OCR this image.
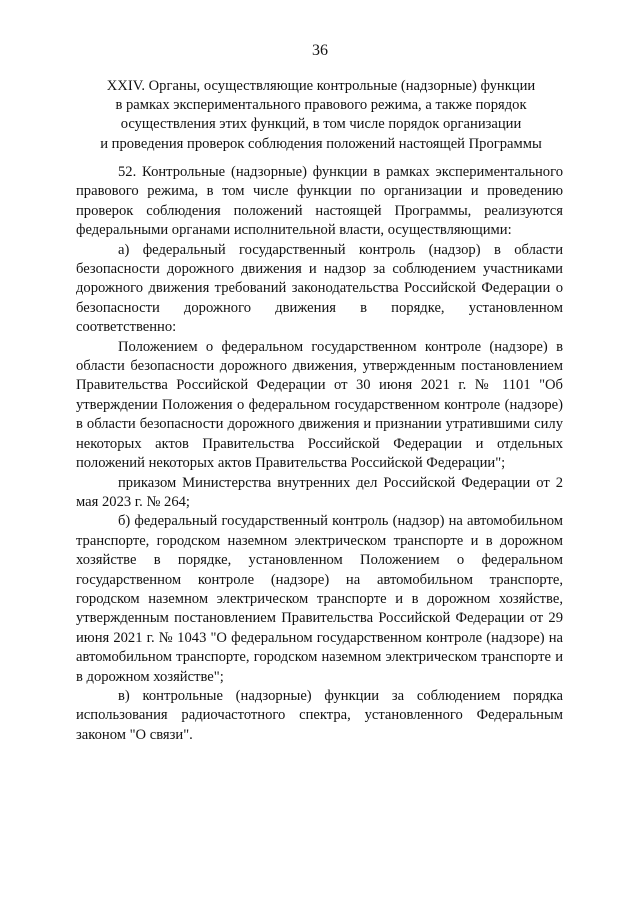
36
XXIV. Органы, осуществляющие контрольные (надзорные) функции
в рамках экспериментального правового режима, а также порядок
осуществления этих функций, в том числе порядок организации
и проведения проверок соблюдения положений настоящей Программы

52. Контрольные (надзорные) функции в рамках экспериментального правового режима, в том числе функции по организации и проведению проверок соблюдения положений настоящей Программы, реализуются федеральными органами исполнительной власти, осуществляющими:

а) федеральный государственный контроль (надзор) в области безопасности дорожного движения и надзор за соблюдением участниками дорожного движения требований законодательства Российской Федерации о безопасности дорожного движения в порядке, установленном соответственно:

Положением о федеральном государственном контроле (надзоре) в области безопасности дорожного движения, утвержденным постановлением Правительства Российской Федерации от 30 июня 2021 г. № 1101 "Об утверждении Положения о федеральном государственном контроле (надзоре) в области безопасности дорожного движения и признании утратившими силу некоторых актов Правительства Российской Федерации и отдельных положений некоторых актов Правительства Российской Федерации";

приказом Министерства внутренних дел Российской Федерации от 2 мая 2023 г. № 264;

б) федеральный государственный контроль (надзор) на автомобильном транспорте, городском наземном электрическом транспорте и в дорожном хозяйстве в порядке, установленном Положением о федеральном государственном контроле (надзоре) на автомобильном транспорте, городском наземном электрическом транспорте и в дорожном хозяйстве, утвержденным постановлением Правительства Российской Федерации от 29 июня 2021 г. № 1043 "О федеральном государственном контроле (надзоре) на автомобильном транспорте, городском наземном электрическом транспорте и в дорожном хозяйстве";

в) контрольные (надзорные) функции за соблюдением порядка использования радиочастотного спектра, установленного Федеральным законом "О связи".
